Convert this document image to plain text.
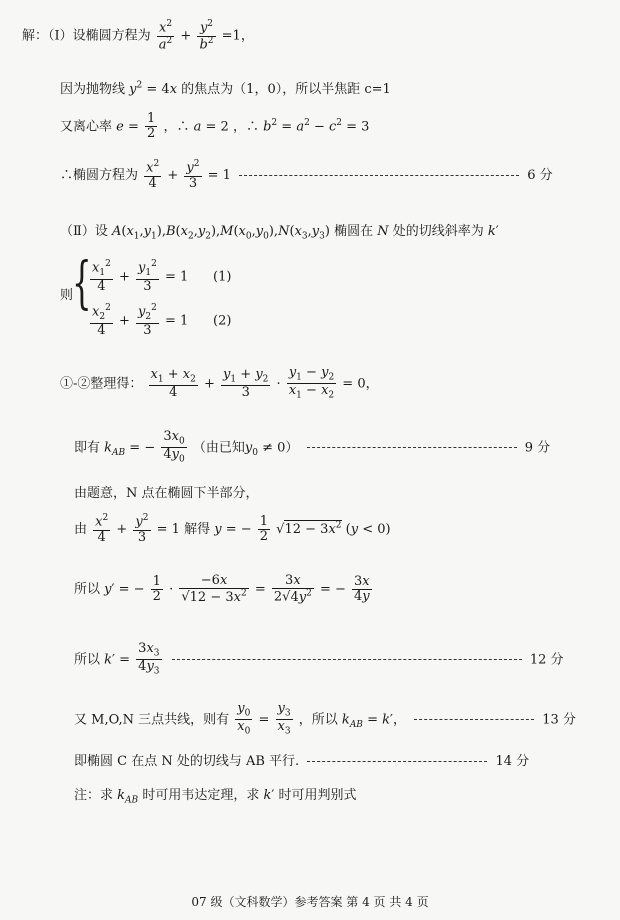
解：（Ⅰ）设椭圆方程为 $\frac{x^2}{a^2} + \frac{y^2}{b^2} =1$，
因为抛物线 $y^2 = 4x$ 的焦点为（1，0），所以半焦距 c=1
又离心率 $e = \frac{1}{2}$ ，∴ a = 2 ，∴ $b^2 = a^2 - c^2 = 3$
∴椭圆方程为 $\frac{x^2}{4} + \frac{y^2}{3} = 1$	6 分
（Ⅱ）设 $A(x_1,y_1),B(x_2,y_2),M(x_0,y_0),N(x_3,y_3)$ 椭圆在 N 处的切线斜率为 k′
则
{
$\frac{x_1^2}{4} + \frac{y_1^2}{3} = 1$      (1)
$\frac{x_2^2}{4} + \frac{y_2^2}{3} = 1$      (2)
①-②整理得： $\frac{x_1 + x_2}{4} + \frac{y_1 + y_2}{3} \cdot \frac{y_1 - y_2}{x_1 - x_2} = 0$，
即有 $k_{AB}$ = − $\frac{3x_0}{4y_0}$ （由已知$y_0 \ne 0$）	9 分
由题意，N 点在椭圆下半部分，
由 $\frac{x^2}{4} + \frac{y^2}{3} = 1$ 解得 y = − $\frac{1}{2} √12 - 3x^2$ (y < 0)
所以 y′ = − $\frac{1}{2} \cdot \frac{-6x}{√12 - 3x^2} = \frac{3x}{2√4y^2}$ = − $\frac{3x}{4y}$
所以 $k' = \frac{3x_3}{4y_3}$	12 分
又 M,O,N 三点共线，则有 $\frac{y_0}{x_0} = \frac{y_3}{x_3}$ ，所以 $k_{AB} = k'$，	13 分
即椭圆 C 在点 N 处的切线与 AB 平行.	14 分
注：求 $k_{AB}$ 时可用韦达定理，求 k′ 时可用判别式
07 级（文科数学）参考答案 第 4 页 共 4 页
